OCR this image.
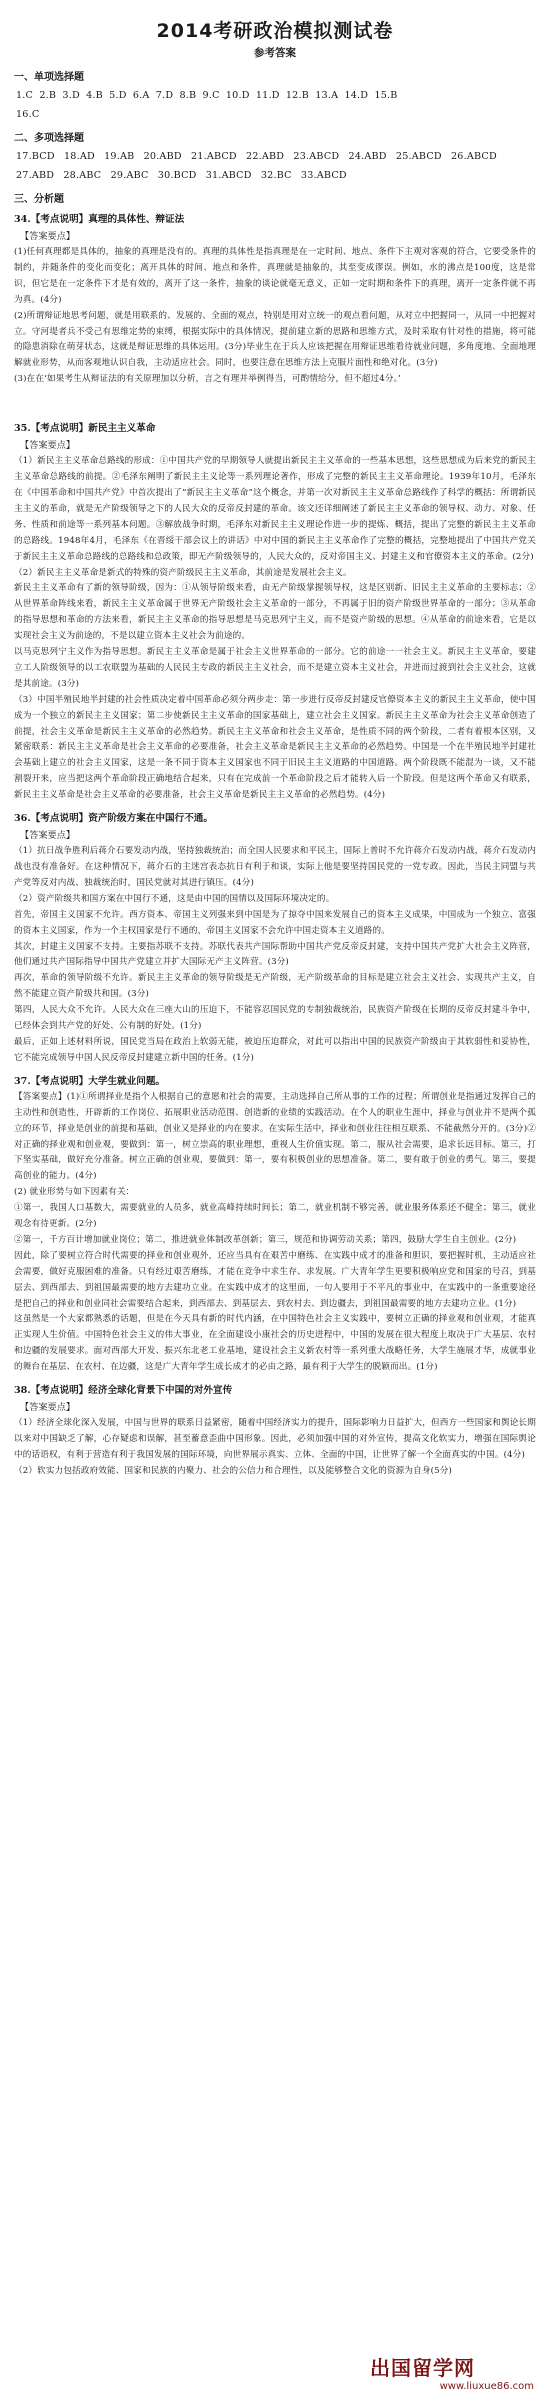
2014考研政治模拟测试卷
参考答案
一、单项选择题
1.C 2.B 3.D 4.B 5.D 6.A 7.D 8.B 9.C 10.D 11.D 12.B 13.A 14.D 15.B
16.C
二、多项选择题
17.BCD 18.AD 19.AB 20.ABD 21.ABCD 22.ABD 23.ABCD 24.ABD 25.ABCD 26.ABCD
27.ABD 28.ABC 29.ABC 30.BCD 31.ABCD 32.BC 33.ABCD
三、分析题
34.【考点说明】真理的具体性、辩证法
【答案要点】

(1)任何真理都是具体的，抽象的真理是没有的。真理的具体性是指真理是在一定时间、地点、条件下主观对客观的符合，它要受条件的制约，并随条件的变化而变化；离开具体的时间、地点和条件，真理就是抽象的，其至变成谬误。例如，水的沸点是100度，这是常识，但它是在一定条件下才是有效的，离开了这一条件，抽象的谈论就毫无意义，正如一定时期和条件下的真理，离开一定条件就不再为真。(4分)

(2)所谓辩证地思考问题，就是用联系的、发展的、全面的观点，特别是用对立统一的观点看问题，从对立中把握同一，从同一中把握对立。守河堤者兵不受己有思维定势的束缚，根据实际中的具体情况，提前建立新的思路和思维方式，及时采取有针对性的措施，将可能的隐患消除在萌芽状态，这就是辩证思维的具体运用。(3分)毕业生在于兵人应该把握在用辩证思维看待就业问题，多角度地、全面地理解就业形势，从而客观地认识自我，主动适应社会。同时，也要注意在思维方法上克服片面性和绝对化。(3分)

(3)在在‘如果考生从辩证法的有关原理加以分析，言之有理并举例得当，可酌情给分，但不超过4分。’

35.【考点说明】新民主主义革命
【答案要点】

（1）新民主主义革命总路线的形成：①中国共产党的早期领导人就提出新民主主义革命的一些基本思想，这些思想成为后来党的新民主主义革命总路线的前提。②毛泽东阐明了新民主主义论等一系列理论著作，形成了完整的新民主主义革命理论。1939年10月，毛泽东在《中国革命和中国共产党》中首次提出了“新民主主义革命”这个概念，并第一次对新民主主义革命总路线作了科学的概括：所谓新民主主义的革命，就是无产阶级领导之下的人民大众的反帝反封建的革命。该文还详细阐述了新民主主义革命的领导权、动力、对象、任务、性质和前途等一系列基本问题。③解放战争时期，毛泽东对新民主主义理论作进一步的提炼、概括，提出了完整的新民主主义革命的总路线。1948年4月，毛泽东《在晋绥干部会议上的讲话》中对中国的新民主主义革命作了完整的概括，完整地提出了中国共产党关于新民主主义革命总路线的总路线和总政策，即无产阶级领导的，人民大众的，反对帝国主义、封建主义和官僚资本主义的革命。(2分)

（2）新民主主义革命是新式的特殊的资产阶级民主主义革命，其前途是发展社会主义。

新民主主义革命有了新的领导阶级，因为：①从领导阶级来看，由无产阶级掌握领导权，这是区别新、旧民主主义革命的主要标志；②从世界革命阵线来看，新民主主义革命属于世界无产阶级社会主义革命的一部分，不再属于旧的资产阶级世界革命的一部分；③从革命的指导思想和革命的方法来看，新民主主义革命的指导思想是马克思列宁主义，而不是资产阶级的思想。④从革命的前途来看，它是以实现社会主义为前途的，不是以建立资本主义社会为前途的。

以马克思列宁主义作为指导思想。新民主主义革命是属于社会主义世界革命的一部分。它的前途一一社会主义。新民主主义革命，要建立工人阶级领导的以工农联盟为基础的人民民主专政的新民主主义社会，而不是建立资本主义社会，并进而过渡到社会主义社会，这就是其前途。(3分)

（3）中国半殖民地半封建的社会性质决定着中国革命必须分两步走：第一步进行反帝反封建反官僚资本主义的新民主主义革命，使中国成为一个独立的新民主主义国家；第二步使新民主主义革命的国家基础上，建立社会主义国家。新民主主义革命为社会主义革命创造了前提，社会主义革命是新民主主义革命的必然趋势。新民主主义革命和社会主义革命，是性质不同的两个阶段，二者有着根本区别，又紧密联系：新民主主义革命是社会主义革命的必要准备，社会主义革命是新民主主义革命的必然趋势。中国是一个在半殖民地半封建社会基础上建立的社会主义国家，这是一条不同于资本主义国家也不同于旧民主主义道路的中国道路。两个阶段既不能混为一谈，又不能割裂开来，应当把这两个革命阶段正确地结合起来，只有在完成前一个革命阶段之后才能转入后一个阶段。但是这两个革命又有联系，新民主主义革命是社会主义革命的必要准备，社会主义革命是新民主主义革命的必然趋势。(4分)

36.【考点说明】资产阶级方案在中国行不通。
【答案要点】

（1）抗日战争胜利后蒋介石要发动内战，坚持独裁统治；而全国人民要求和平民主，国际上普时不允许蒋介石发动内战，蒋介石发动内战也没有准备好。在这种情况下，蒋介石的主迷宫表态抗日有利于和谈，实际上他是要坚持国民党的一党专政。因此，当民主同盟与共产党等反对内战、独裁统治时，国民党就对其进行镇压。(4分)

（2）资产阶级共和国方案在中国行不通，这是由中国的国情以及国际环境决定的。

首先，帝国主义国家不允许。西方资本、帝国主义列强来到中国是为了掠夺中国来发展自己的资本主义成果，中国成为一个独立、富强的资本主义国家，作为一个主权国家是行不通的，帝国主义国家不会允许中国走资本主义道路的。

其次，封建主义国家不支持。主要指苏联不支持。苏联代表共产国际帮助中国共产党反帝反封建，支持中国共产党扩大社会主义阵营，他们通过共产国际指导中国共产党建立并扩大国际无产主义阵营。(3分)

再次，革命的领导阶级不允许。新民主主义革命的领导阶级是无产阶级，无产阶级革命的目标是建立社会主义社会、实现共产主义，自然不能建立资产阶级共和国。(3分)

第四，人民大众不允许。人民大众在三座大山的压迫下，不能容忍国民党的专制独裁统治，民族资产阶级在长期的反帝反封建斗争中，已经体会到共产党的好处、公有制的好处。(1分)

最后，正如上述材料所说，国民党当局在政治上软弱无能，被迫压迫群众，对此可以指出中国的民族资产阶级由于其软弱性和妥协性，它不能完成领导中国人民反帝反封建建立新中国的任务。(1分)

37.【考点说明】大学生就业问题。

【答案要点】(1)①所谓择业是指个人根据自己的意愿和社会的需要，主动选择自己所从事的工作的过程；所谓创业是指通过发挥自己的主动性和创造性，开辟新的工作岗位、拓展职业活动范围、创造新的业绩的实践活动。在个人的职业生涯中，择业与创业并不是两个孤立的环节，择业是创业的前提和基础，创业又是择业的内在要求。在实际生活中，择业和创业往往相互联系、不能截然分开的。(3分)②对正确的择业观和创业观，要做到：第一，树立崇高的职业理想，重视人生价值实现。第二，服从社会需要，追求长远目标。第三，打下坚实基础，做好充分准备。树立正确的创业观，要做到：第一，要有积极创业的思想准备。第二，要有敢于创业的勇气。第三，要提高创业的能力。(4分)

(2) 就业形势与如下因素有关：

①第一，我国人口基数大，需要就业的人员多，就业高峰持续时间长；第二，就业机制不够完善，就业服务体系还不健全；第三，就业观念有待更新。(2分)

②第一，千方百计增加就业岗位；第二，推进就业体制改革创新；第三，规范和协调劳动关系；第四，鼓励大学生自主创业。(2分)

因此，除了要树立符合时代需要的择业和创业观外，还应当具有在艰苦中磨练、在实践中成才的准备和胆识，要把握时机，主动适应社会需要，做好克服困难的准备。只有经过艰苦磨练，才能在竞争中求生存、求发展。广大青年学生更要积极响应党和国家的号召，到基层去、到西部去、到祖国最需要的地方去建功立业。在实践中成才的这里面，一句人要用于不平凡的事业中，在实践中的一条重要途径是把自己的择业和创业同社会需要结合起来，到西部去、到基层去、到农村去、到边疆去，到祖国最需要的地方去建功立业。(1分)

这虽然是一个大家都熟悉的话题，但是在今天具有新的时代内涵，在中国特色社会主义实践中，要树立正确的择业观和创业观，才能真正实现人生价值。中国特色社会主义的伟大事业，在全面建设小康社会的历史进程中，中国的发展在很大程度上取决于广大基层、农村和边疆的发展要求。面对西部大开发、振兴东北老工业基地，建设社会主义新农村等一系列重大战略任务，大学生施展才华，成就事业的舞台在基层、在农村、在边疆，这是广大青年学生成长成才的必由之路，最有利于大学生的脱颖而出。(1分)

38.【考点说明】经济全球化背景下中国的对外宣传
【答案要点】

（1）经济全球化深入发展，中国与世界的联系日益紧密，随着中国经济实力的提升，国际影响力日益扩大，但西方一些国家和舆论长期以来对中国缺乏了解，心存疑虑和误解，甚至蓄意歪曲中国形象。因此，必须加强中国的对外宣传，提高文化软实力，增强在国际舆论中的话语权，有利于营造有利于我国发展的国际环境，向世界展示真实、立体、全面的中国，让世界了解一个全面真实的中国。(4分)

（2）软实力包括政府效能、国家和民族的内聚力、社会的公信力和合理性，以及能够整合文化的资源为自身(5分)

出国留学网
www.liuxue86.com
